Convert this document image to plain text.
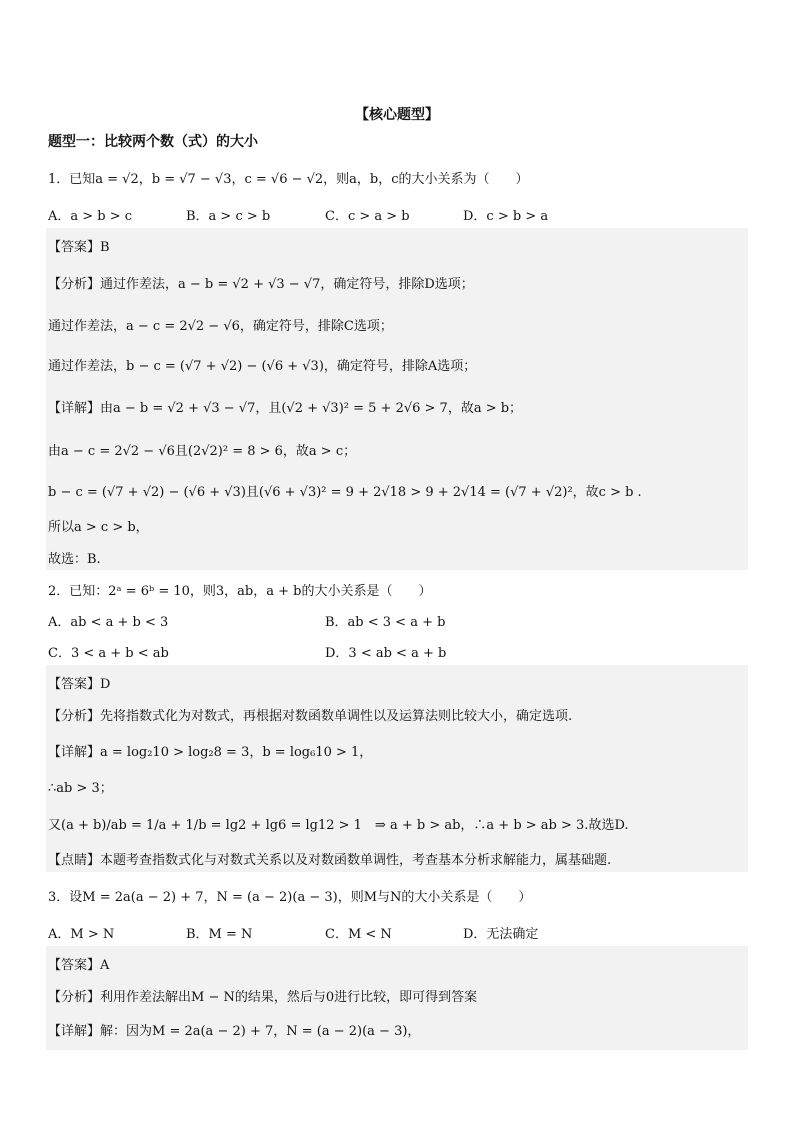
【核心题型】
题型一：比较两个数（式）的大小
1．已知a = √2，b = √7 − √3，c = √6 − √2，则a，b，c的大小关系为（　　）
A．a > b > c	B．a > c > b	C．c > a > b	D．c > b > a
【答案】B
【分析】通过作差法，a − b = √2 + √3 − √7，确定符号，排除D选项；
通过作差法，a − c = 2√2 − √6，确定符号，排除C选项；
通过作差法，b − c = (√7 + √2) − (√6 + √3)，确定符号，排除A选项；
【详解】由a − b = √2 + √3 − √7，且(√2 + √3)² = 5 + 2√6 > 7，故a > b；
由a − c = 2√2 − √6且(2√2)² = 8 > 6，故a > c；
b − c = (√7 + √2) − (√6 + √3)且(√6 + √3)² = 9 + 2√18 > 9 + 2√14 = (√7 + √2)²，故c > b .
所以a > c > b，
故选：B.
2．已知：2ᵃ = 6ᵇ = 10，则3，ab，a + b的大小关系是（　　）
A．ab < a + b < 3	B．ab < 3 < a + b
C．3 < a + b < ab	D．3 < ab < a + b
【答案】D
【分析】先将指数式化为对数式，再根据对数函数单调性以及运算法则比较大小，确定选项.
【详解】a = log₂10 > log₂8 = 3，b = log₆10 > 1，
∴ab > 3；
又(a + b)/ab = 1/a + 1/b = lg2 + lg6 = lg12 > 1　⇒ a + b > ab，∴a + b > ab > 3.故选D.
【点睛】本题考查指数式化与对数式关系以及对数函数单调性，考查基本分析求解能力，属基础题.
3．设M = 2a(a − 2) + 7，N = (a − 2)(a − 3)，则M与N的大小关系是（　　）
A．M > N	B．M = N	C．M < N	D．无法确定
【答案】A
【分析】利用作差法解出M − N的结果，然后与0进行比较，即可得到答案
【详解】解：因为M = 2a(a − 2) + 7，N = (a − 2)(a − 3)，
